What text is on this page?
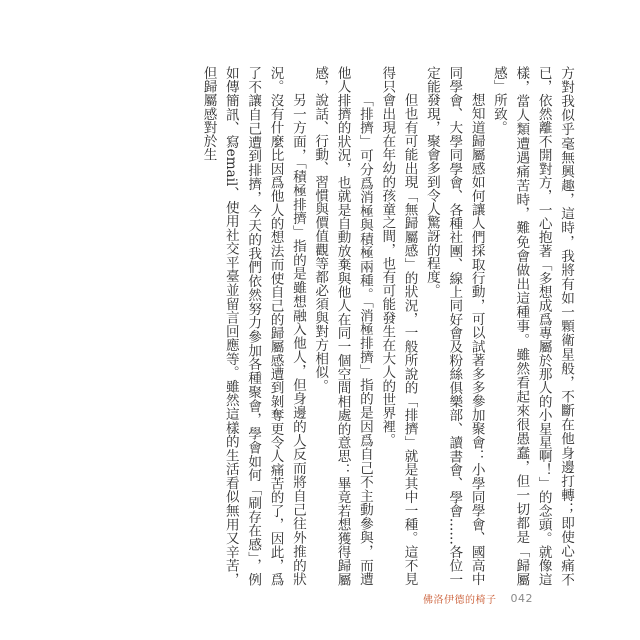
方對我似乎毫無興趣，這時，我將有如一顆衛星般，不斷在他身邊打轉；即使心痛不已，依然離不開對方，一心抱著「多想成爲專屬於那人的小星星啊！」的念頭。就像這樣，當人類遭遇痛苦時，難免會做出這種事。雖然看起來很愚蠢，但一切都是「歸屬感」所致。

想知道歸屬感如何讓人們採取行動，可以試著多多參加聚會：小學同學會、國高中同學會、大學同學會、各種社團、線上同好會及粉絲俱樂部、讀書會、學會……各位一定能發現，聚會多到令人驚訝的程度。

但也有可能出現「無歸屬感」的狀況，一般所說的「排擠」就是其中一種。這不見得只會出現在年幼的孩童之間，也有可能發生在大人的世界裡。

「排擠」可分爲消極與積極兩種。「消極排擠」指的是因爲自己不主動參與，而遭他人排擠的狀況，也就是自動放棄與他人在同一個空間相處的意思：畢竟若想獲得歸屬感，說話、行動、習慣與價值觀等都必須與對方相似。

另一方面，「積極排擠」指的是雖想融入他人，但身邊的人反而將自己往外推的狀況。沒有什麼比因爲他人的想法而使自己的歸屬感遭到剝奪更令人痛苦的了，因此，爲了不讓自己遭到排擠，今天的我們依然努力參加各種聚會，學會如何「刷存在感」，例如傳簡訊、寫email、使用社交平臺並留言回應等。雖然這樣的生活看似無用又辛苦，但歸屬感對於生

佛洛伊德的椅子 042
